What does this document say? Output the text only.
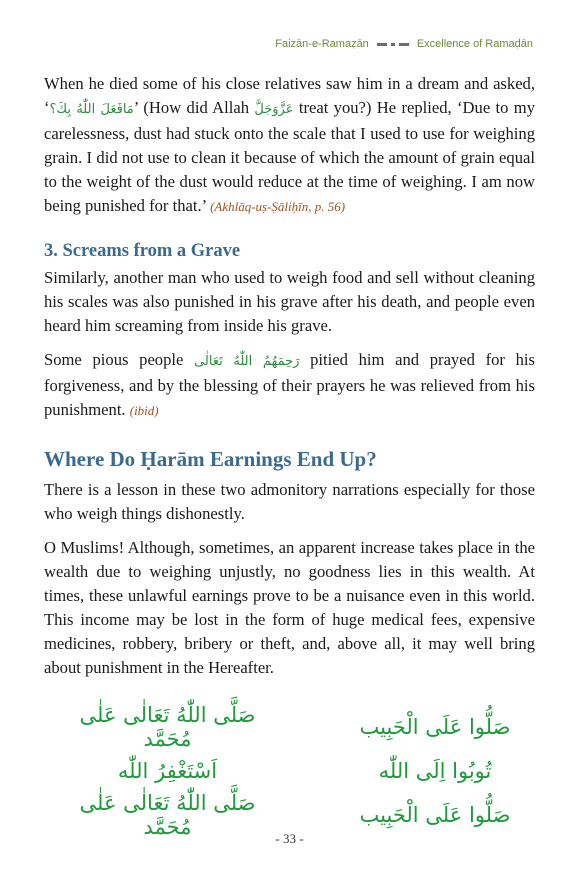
Faizān-e-Ramaẓān	Excellence of Ramaḍān

When he died some of his close relatives saw him in a dream and asked, ‘مَافَعَلَ اللّٰهُ بِكَ؟’ (How did Allah عَزَّوَجَلَّ treat you?) He replied, ‘Due to my carelessness, dust had stuck onto the scale that I used to use for weighing grain. I did not use to clean it because of which the amount of grain equal to the weight of the dust would reduce at the time of weighing. I am now being punished for that.’ (Akhlāq-uṣ-Ṣāliḥīn, p. 56)

3. Screams from a Grave

Similarly, another man who used to weigh food and sell without cleaning his scales was also punished in his grave after his death, and people even heard him screaming from inside his grave.

Some pious people رَحِمَهُمُ اللّٰهُ تَعَالٰی pitied him and prayed for his forgiveness, and by the blessing of their prayers he was relieved from his punishment. (ibid)

Where Do Ḥarām Earnings End Up?

There is a lesson in these two admonitory narrations especially for those who weigh things dishonestly.

O Muslims! Although, sometimes, an apparent increase takes place in the wealth due to weighing unjustly, no goodness lies in this wealth. At times, these unlawful earnings prove to be a nuisance even in this world. This income may be lost in the form of huge medical fees, expensive medicines, robbery, bribery or theft, and, above all, it may well bring about punishment in the Hereafter.

صَلَّى اللّٰهُ تَعَالٰى عَلٰى مُحَمَّد	صَلُّوا عَلَى الْحَبِيب
اَسْتَغْفِرُ اللّٰه	تُوبُوا اِلَى اللّٰه
صَلَّى اللّٰهُ تَعَالٰى عَلٰى مُحَمَّد	صَلُّوا عَلَى الْحَبِيب
- 33 -
